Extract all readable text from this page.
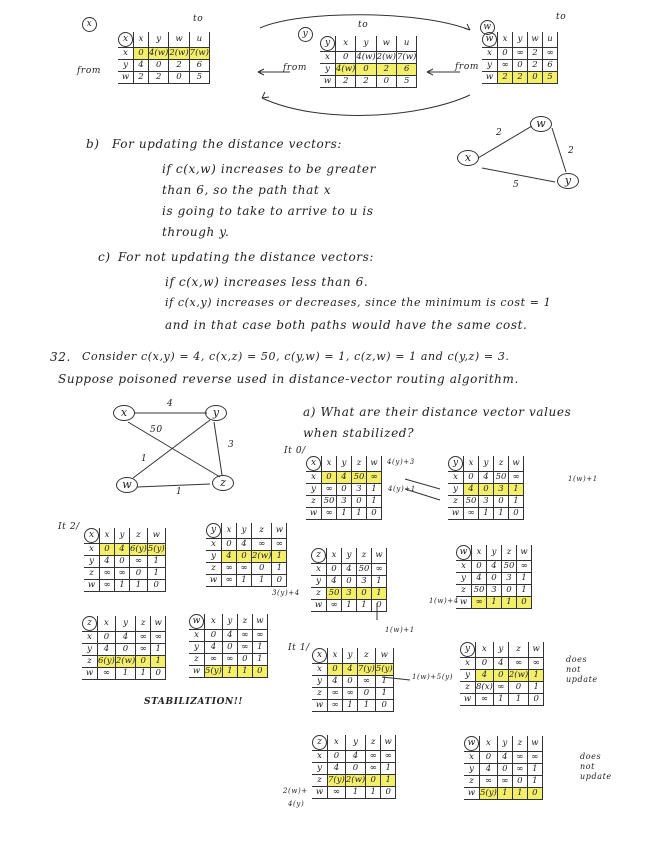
x	to
from
x	x	y	w	u
x	0	4(w)	2(w)	7(w)
y	4	0	2	6
w	2	2	0	5
y
to
from
y	x	y	w	u
x	0	4(w)	2(w)	7(w)
y	4(w)	0	2	6
w	2	2	0	5
w
to
from
w	x	y	w	u
x	0	∞	2	∞
y	∞	0	2	6
w	2	2	0	5
b) For updating the distance vectors:
if c(x,w) increases to be greater
than 6, so the path that x
is going to take to arrive to u is
through y.
x
w
y
2
2
5
c) For not updating the distance vectors:
if c(x,w) increases less than 6.
if c(x,y) increases or decreases, since the minimum is cost = 1
and in that case both paths would have the same cost.
32. Consider c(x,y) = 4, c(x,z) = 50, c(y,w) = 1, c(z,w) = 1 and c(y,z) = 3.
Suppose poisoned reverse used in distance-vector routing algorithm.
a) What are their distance vector values
when stabilized?
x	y
w	z
4
50
3
1
1
It 0/
x	x	y	z	w
x	0	4	50	∞
y	∞	0	3	1
z	50	3	0	1
w	∞	1	1	0
4(y)+3
4(y)+1
y	x	y	z	w
x	0	4	50	∞
y	4	0	3	1
z	50	3	0	1
w	∞	1	1	0
1(w)+1
z	x	y	z	w
x	0	4	50	∞
y	4	0	3	1
z	50	3	0	1
w	∞	1	1	0
3(y)+4
1(w)+4
1(w)+1
w	x	y	z	w
x	0	4	50	∞
y	4	0	3	1
z	50	3	0	1
w	∞	1	1	0
It 2/
x	x	y	z	w
x	0	4	6(y)	5(y)
y	4	0	∞	1
z	∞	∞	0	1
w	∞	1	1	0
y	x	y	z	w
x	0	4	∞	∞
y	4	0	2(w)	1
z	∞	∞	0	1
w	∞	1	1	0
z	x	y	z	w
x	0	4	∞	∞
y	4	0	∞	1
z	6(y)	2(w)	0	1
w	∞	1	1	0
w	x	y	z	w
x	0	4	∞	∞
y	4	0	∞	1
z	∞	∞	0	1
w	5(y)	1	1	0
STABILIZATION!!
It 1/
x	x	y	z	w
x	0	4	7(y)	5(y)
y	4	0	∞	1
z	∞	∞	0	1
w	∞	1	1	0
1(w)+5(y)
y	x	y	z	w
x	0	4	∞	∞
y	4	0	2(w)	1
z	8(x)	∞	0	1
w	∞	1	1	0
does
not
update
z	x	y	z	w
x	0	4	∞	∞
y	4	0	∞	1
z	7(y)	2(w)	0	1
w	∞	1	1	0
2(w)+
4(y)
w	x	y	z	w
x	0	4	∞	∞
y	4	0	∞	1
z	∞	∞	0	1
w	5(y)	1	1	0
does
not
update
